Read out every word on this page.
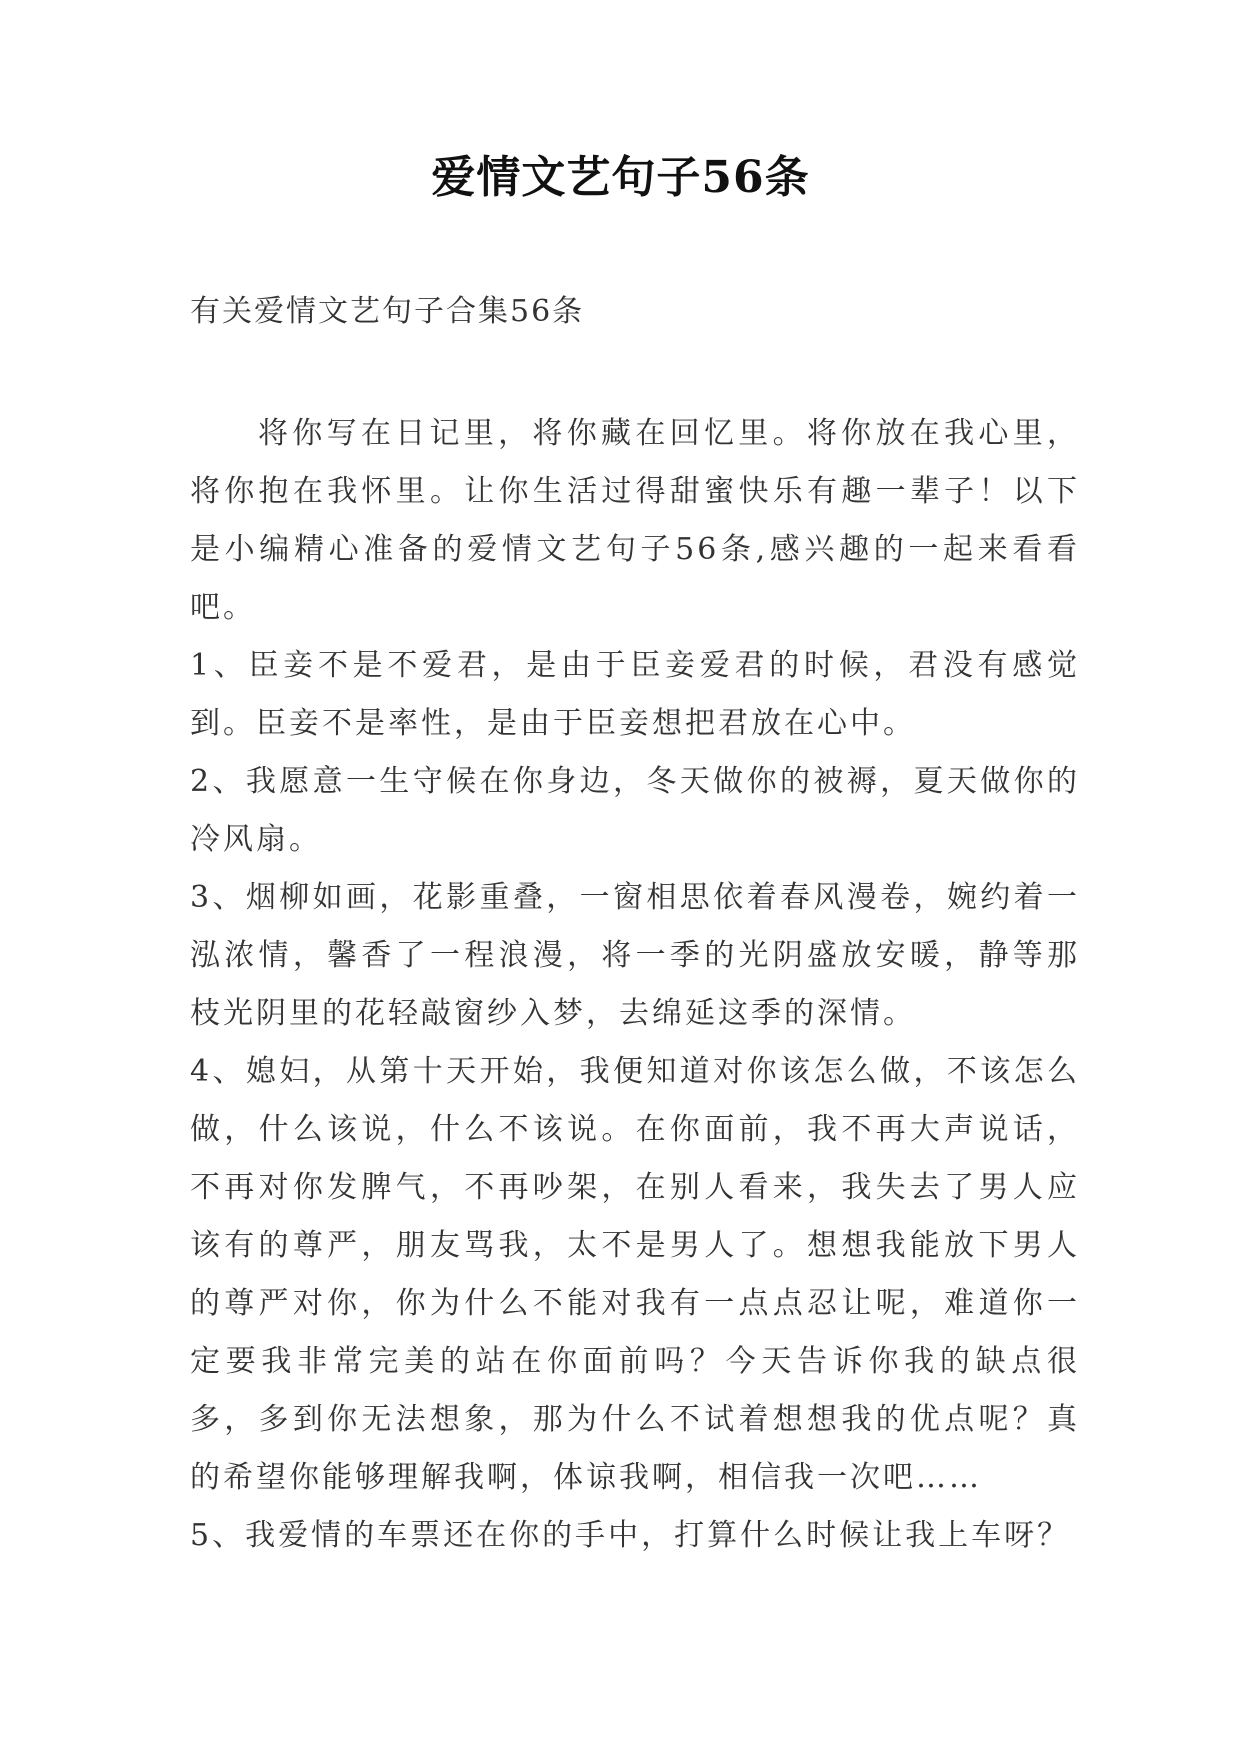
爱情文艺句子56条
有关爱情文艺句子合集56条

将你写在日记里，将你藏在回忆里。将你放在我心里，将你抱在我怀里。让你生活过得甜蜜快乐有趣一辈子！以下是小编精心准备的爱情文艺句子56条,感兴趣的一起来看看吧。

1、臣妾不是不爱君，是由于臣妾爱君的时候，君没有感觉到。臣妾不是率性，是由于臣妾想把君放在心中。

2、我愿意一生守候在你身边，冬天做你的被褥，夏天做你的冷风扇。

3、烟柳如画，花影重叠，一窗相思依着春风漫卷，婉约着一泓浓情，馨香了一程浪漫，将一季的光阴盛放安暖，静等那枝光阴里的花轻敲窗纱入梦，去绵延这季的深情。

4、媳妇，从第十天开始，我便知道对你该怎么做，不该怎么做，什么该说，什么不该说。在你面前，我不再大声说话，不再对你发脾气，不再吵架，在别人看来，我失去了男人应该有的尊严，朋友骂我，太不是男人了。想想我能放下男人的尊严对你，你为什么不能对我有一点点忍让呢，难道你一定要我非常完美的站在你面前吗？今天告诉你我的缺点很多，多到你无法想象，那为什么不试着想想我的优点呢？真的希望你能够理解我啊，体谅我啊，相信我一次吧……

5、我爱情的车票还在你的手中，打算什么时候让我上车呀？
